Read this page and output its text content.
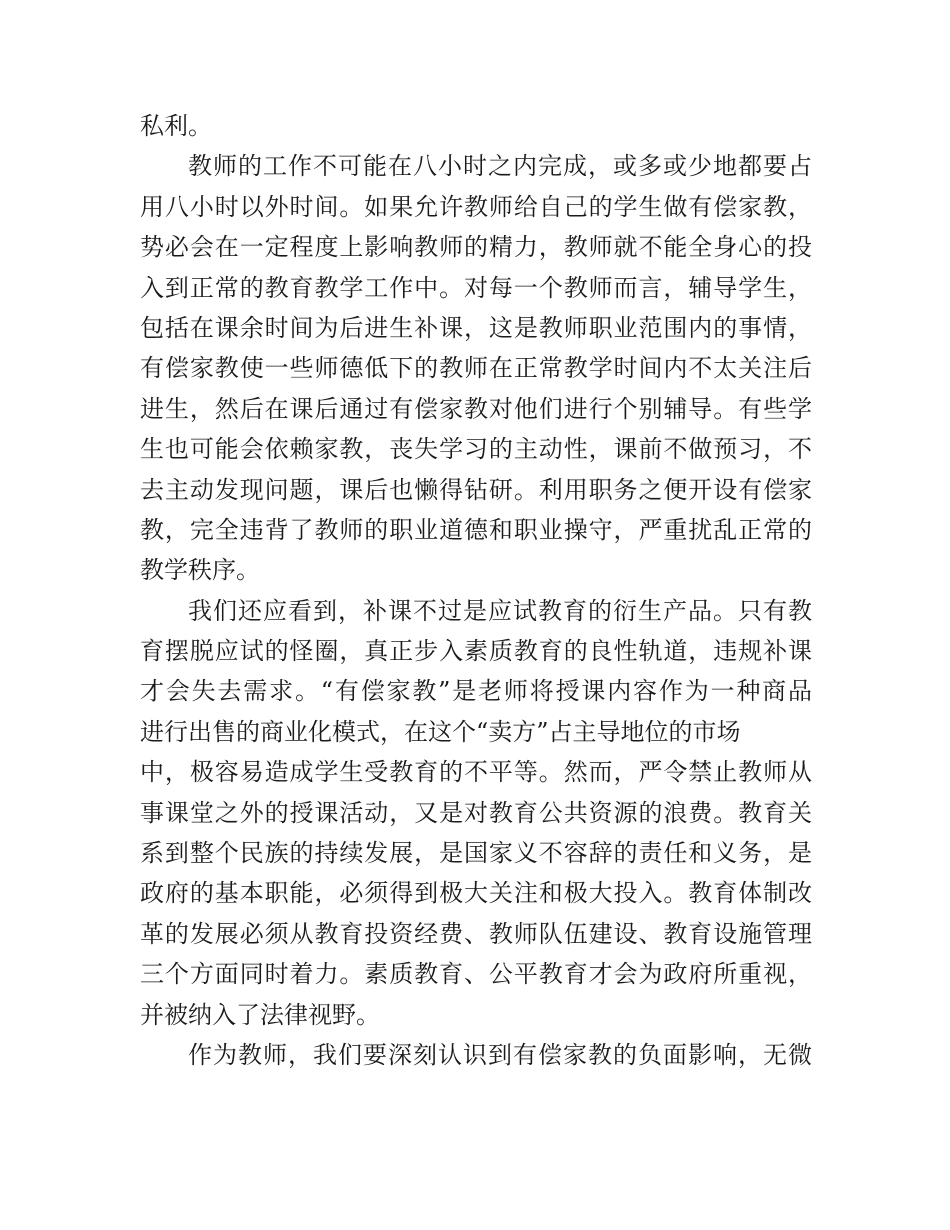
私利。
教师的工作不可能在八小时之内完成，或多或少地都要占
用八小时以外时间。如果允许教师给自己的学生做有偿家教，
势必会在一定程度上影响教师的精力，教师就不能全身心的投
入到正常的教育教学工作中。对每一个教师而言，辅导学生，
包括在课余时间为后进生补课，这是教师职业范围内的事情，
有偿家教使一些师德低下的教师在正常教学时间内不太关注后
进生，然后在课后通过有偿家教对他们进行个别辅导。有些学
生也可能会依赖家教，丧失学习的主动性，课前不做预习，不
去主动发现问题，课后也懒得钻研。利用职务之便开设有偿家
教，完全违背了教师的职业道德和职业操守，严重扰乱正常的
教学秩序。
我们还应看到，补课不过是应试教育的衍生产品。只有教
育摆脱应试的怪圈，真正步入素质教育的良性轨道，违规补课
才会失去需求。“有偿家教”是老师将授课内容作为一种商品
进行出售的商业化模式，在这个“卖方”占主导地位的市场
中，极容易造成学生受教育的不平等。然而，严令禁止教师从
事课堂之外的授课活动，又是对教育公共资源的浪费。教育关
系到整个民族的持续发展，是国家义不容辞的责任和义务，是
政府的基本职能，必须得到极大关注和极大投入。教育体制改
革的发展必须从教育投资经费、教师队伍建设、教育设施管理
三个方面同时着力。素质教育、公平教育才会为政府所重视，
并被纳入了法律视野。
作为教师，我们要深刻认识到有偿家教的负面影响，无微
